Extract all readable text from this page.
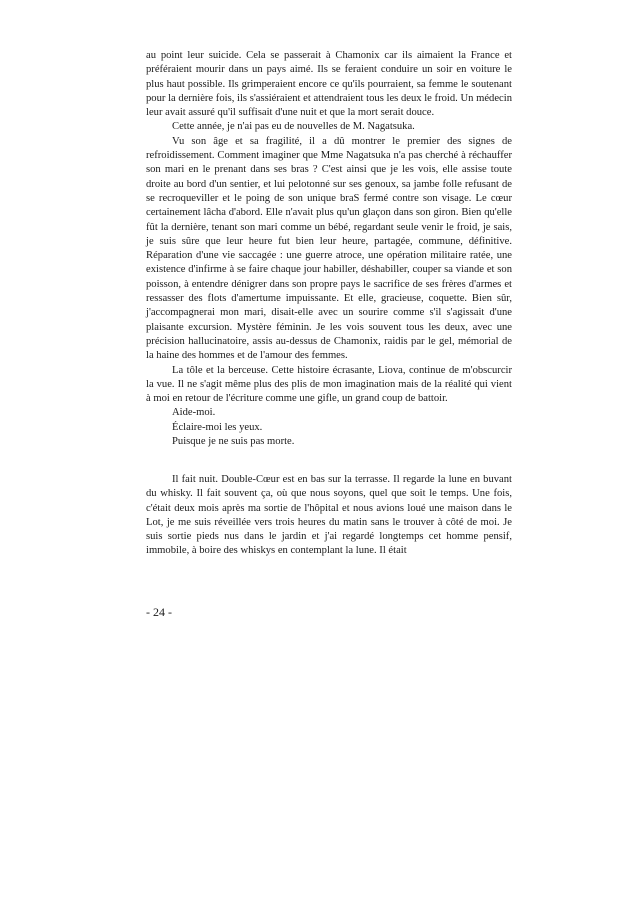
au point leur suicide. Cela se passerait à Chamonix car ils aimaient la France et préféraient mourir dans un pays aimé. Ils se feraient conduire un soir en voiture le plus haut possible. Ils grimperaient encore ce qu'ils pourraient, sa femme le soutenant pour la dernière fois, ils s'assiéraient et attendraient tous les deux le froid. Un médecin leur avait assuré qu'il suffisait d'une nuit et que la mort serait douce.

Cette année, je n'ai pas eu de nouvelles de M. Nagatsuka.

Vu son âge et sa fragilité, il a dû montrer le premier des signes de refroidissement. Comment imaginer que Mme Nagatsuka n'a pas cherché à réchauffer son mari en le prenant dans ses bras ? C'est ainsi que je les vois, elle assise toute droite au bord d'un sentier, et lui pelotonné sur ses genoux, sa jambe folle refusant de se recroqueviller et le poing de son unique braS fermé contre son visage. Le cœur certainement lâcha d'abord. Elle n'avait plus qu'un glaçon dans son giron. Bien qu'elle fût la dernière, tenant son mari comme un bébé, regardant seule venir le froid, je sais, je suis sûre que leur heure fut bien leur heure, partagée, commune, définitive. Réparation d'une vie saccagée : une guerre atroce, une opération militaire ratée, une existence d'infirme à se faire chaque jour habiller, déshabiller, couper sa viande et son poisson, à entendre dénigrer dans son propre pays le sacrifice de ses frères d'armes et ressasser des flots d'amertume impuissante. Et elle, gracieuse, coquette. Bien sûr, j'accompagnerai mon mari, disait-elle avec un sourire comme s'il s'agissait d'une plaisante excursion. Mystère féminin. Je les vois souvent tous les deux, avec une précision hallucinatoire, assis au-dessus de Chamonix, raidis par le gel, mémorial de la haine des hommes et de l'amour des femmes.

La tôle et la berceuse. Cette histoire écrasante, Liova, continue de m'obscurcir la vue. Il ne s'agit même plus des plis de mon imagination mais de la réalité qui vient à moi en retour de l'écriture comme une gifle, un grand coup de battoir.

Aide-moi.

Éclaire-moi les yeux.

Puisque je ne suis pas morte.

Il fait nuit. Double-Cœur est en bas sur la terrasse. Il regarde la lune en buvant du whisky. Il fait souvent ça, où que nous soyons, quel que soit le temps. Une fois, c'était deux mois après ma sortie de l'hôpital et nous avions loué une maison dans le Lot, je me suis réveillée vers trois heures du matin sans le trouver à côté de moi. Je suis sortie pieds nus dans le jardin et j'ai regardé longtemps cet homme pensif, immobile, à boire des whiskys en contemplant la lune. Il était

- 24 -
